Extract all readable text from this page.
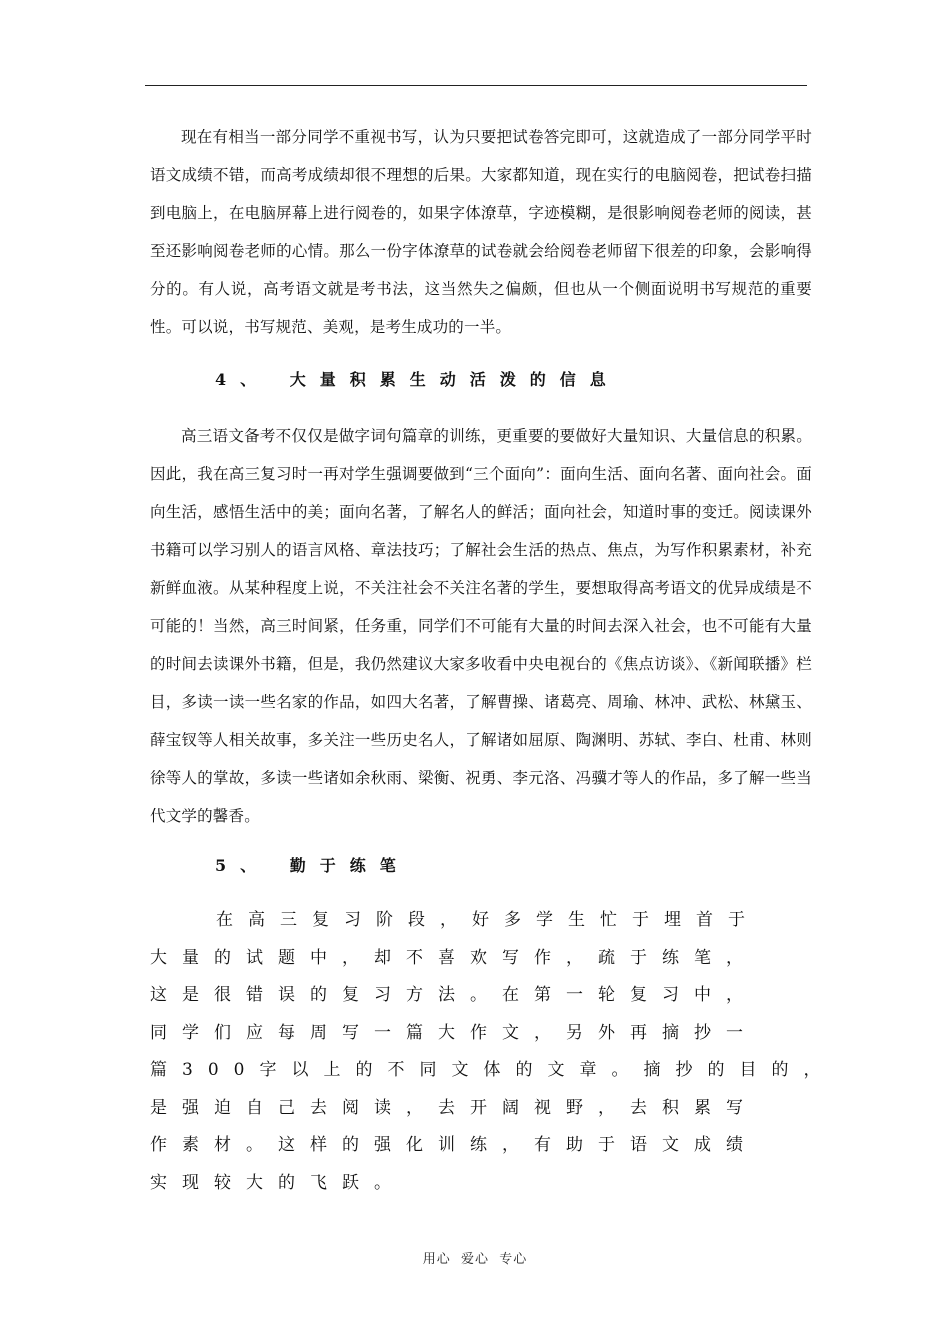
现在有相当一部分同学不重视书写，认为只要把试卷答完即可，这就造成了一部分同学平时语文成绩不错，而高考成绩却很不理想的后果。大家都知道，现在实行的电脑阅卷，把试卷扫描到电脑上，在电脑屏幕上进行阅卷的，如果字体潦草，字迹模糊，是很影响阅卷老师的阅读，甚至还影响阅卷老师的心情。那么一份字体潦草的试卷就会给阅卷老师留下很差的印象，会影响得分的。有人说，高考语文就是考书法，这当然失之偏颇，但也从一个侧面说明书写规范的重要性。可以说，书写规范、美观，是考生成功的一半。

4、 大量积累生动活泼的信息

高三语文备考不仅仅是做字词句篇章的训练，更重要的要做好大量知识、大量信息的积累。因此，我在高三复习时一再对学生强调要做到“三个面向”：面向生活、面向名著、面向社会。面向生活，感悟生活中的美；面向名著，了解名人的鲜活；面向社会，知道时事的变迁。阅读课外书籍可以学习别人的语言风格、章法技巧；了解社会生活的热点、焦点，为写作积累素材，补充新鲜血液。从某种程度上说，不关注社会不关注名著的学生，要想取得高考语文的优异成绩是不可能的！当然，高三时间紧，任务重，同学们不可能有大量的时间去深入社会，也不可能有大量的时间去读课外书籍，但是，我仍然建议大家多收看中央电视台的《焦点访谈》、《新闻联播》栏目，多读一读一些名家的作品，如四大名著，了解曹操、诸葛亮、周瑜、林冲、武松、林黛玉、薛宝钗等人相关故事，多关注一些历史名人，了解诸如屈原、陶渊明、苏轼、李白、杜甫、林则徐等人的掌故，多读一些诸如余秋雨、梁衡、祝勇、李元洛、冯骥才等人的作品，多了解一些当代文学的馨香。

5、 勤于练笔
在高三复习阶段，好多学生忙于埋首于
大量的试题中，却不喜欢写作，疏于练笔，
这是很错误的复习方法。在第一轮复习中，
同学们应每周写一篇大作文，另外再摘抄一
篇300字以上的不同文体的文章。摘抄的目的，
是强迫自己去阅读，去开阔视野，去积累写
作素材。这样的强化训练，有助于语文成绩
实现较大的飞跃。
用心  爱心  专心
